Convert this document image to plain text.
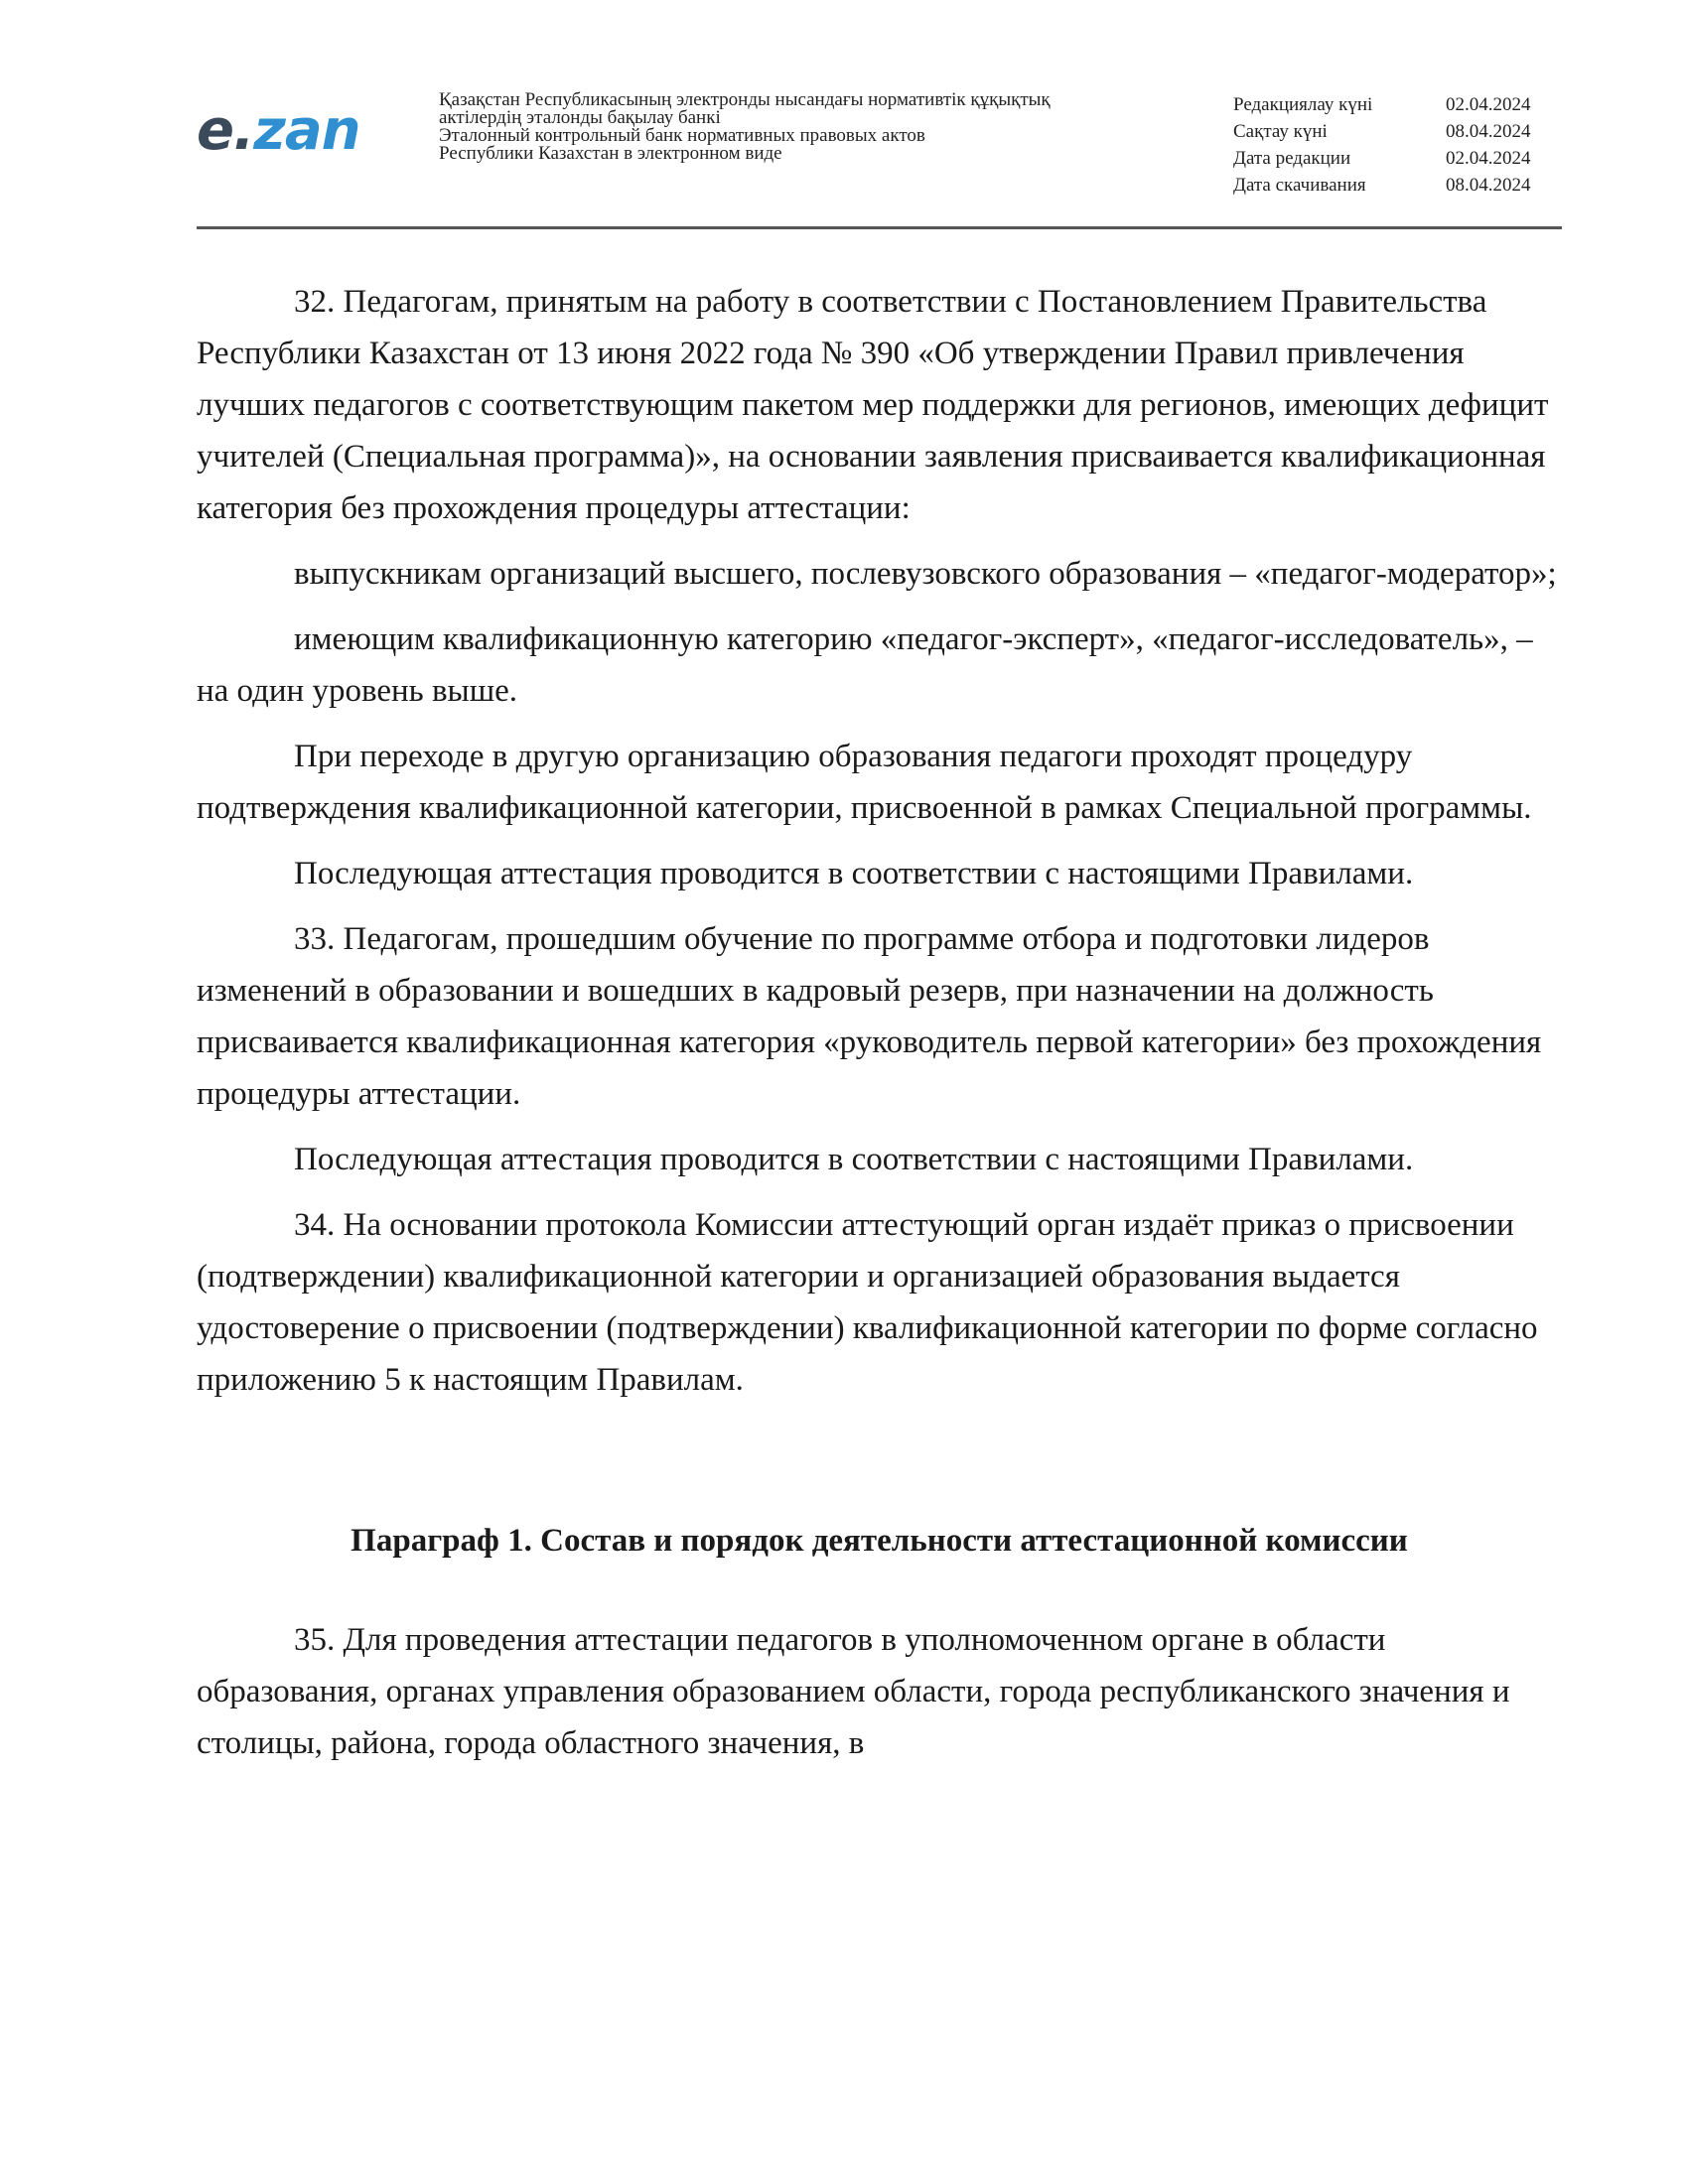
e.zan	Қазақстан Республикасының электронды нысандағы нормативтік құқықтық
актілердің эталонды бақылау банкі
Эталонный контрольный банк нормативных правовых актов
Республики Казахстан в электронном виде
Редакциялау күні	02.04.2024
Сақтау күні	08.04.2024
Дата редакции	02.04.2024
Дата скачивания	08.04.2024

32. Педагогам, принятым на работу в соответствии с Постановлением Правительства Республики Казахстан от 13 июня 2022 года № 390 «Об утверждении Правил привлечения лучших педагогов с соответствующим пакетом мер поддержки для регионов, имеющих дефицит учителей (Специальная программа)», на основании заявления присваивается квалификационная категория без прохождения процедуры аттестации:

выпускникам организаций высшего, послевузовского образования – «педагог-модератор»;

имеющим квалификационную категорию «педагог-эксперт», «педагог-исследователь», – на один уровень выше.

При переходе в другую организацию образования педагоги проходят процедуру подтверждения квалификационной категории, присвоенной в рамках Специальной программы.

Последующая аттестация проводится в соответствии с настоящими Правилами.

33. Педагогам, прошедшим обучение по программе отбора и подготовки лидеров изменений в образовании и вошедших в кадровый резерв, при назначении на должность присваивается квалификационная категория «руководитель первой категории» без прохождения процедуры аттестации.

Последующая аттестация проводится в соответствии с настоящими Правилами.

34. На основании протокола Комиссии аттестующий орган издаёт приказ о присвоении (подтверждении) квалификационной категории и организацией образования выдается удостоверение о присвоении (подтверждении) квалификационной категории по форме согласно приложению 5 к настоящим Правилам.

Параграф 1. Состав и порядок деятельности аттестационной комиссии

35. Для проведения аттестации педагогов в уполномоченном органе в области образования, органах управления образованием области, города республиканского значения и столицы, района, города областного значения, в
